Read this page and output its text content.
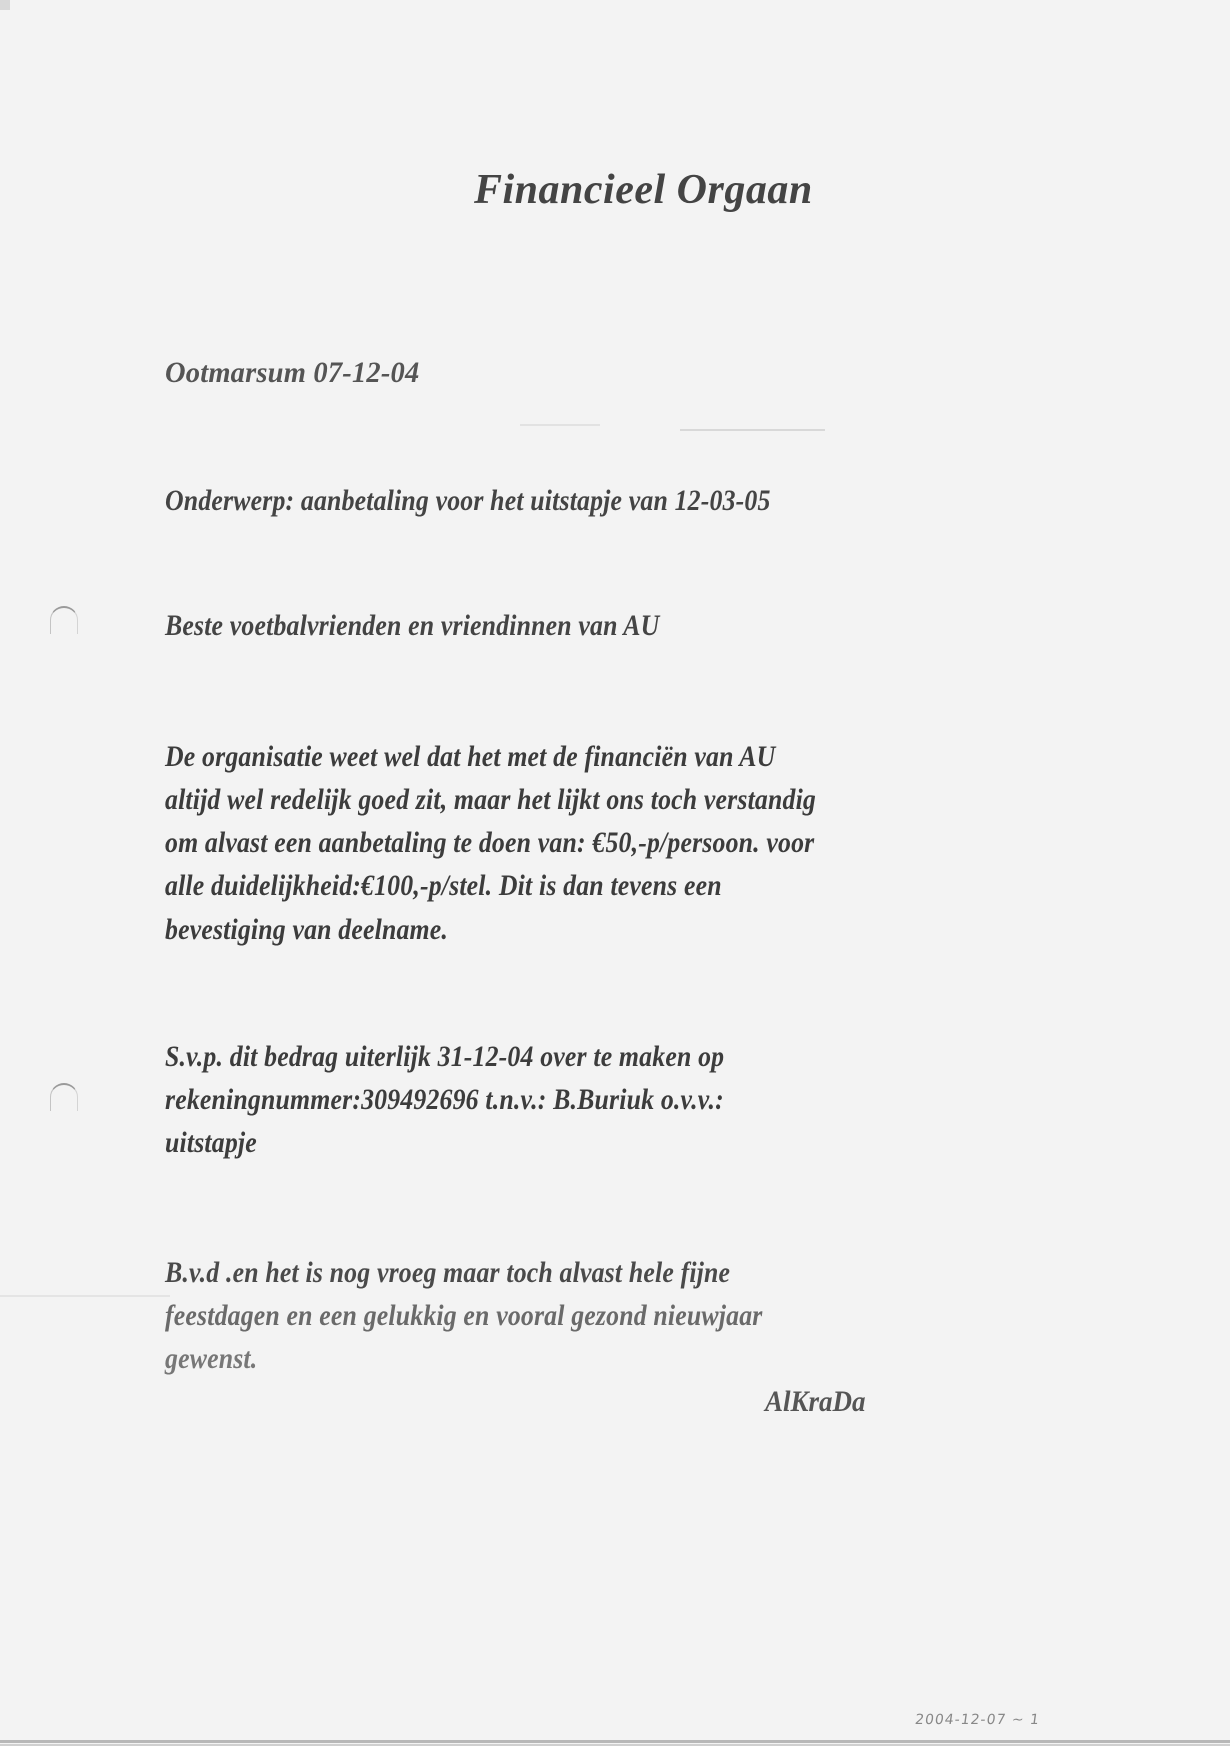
Financieel Orgaan
Ootmarsum 07-12-04
Onderwerp: aanbetaling voor het uitstapje van 12-03-05
Beste voetbalvrienden en vriendinnen van AU
De organisatie weet wel dat het met de financiën van AU
altijd wel redelijk goed zit, maar het lijkt ons toch verstandig
om alvast een aanbetaling te doen van: €50,-p/persoon. voor
alle duidelijkheid:€100,-p/stel. Dit is dan tevens een
bevestiging van deelname.
S.v.p. dit bedrag uiterlijk 31-12-04 over te maken op
rekeningnummer:309492696 t.n.v.: B.Buriuk o.v.v.:
uitstapje
B.v.d .en het is nog vroeg maar toch alvast hele fijne
feestdagen en een gelukkig en vooral gezond nieuwjaar
gewenst.
AlKraDa
2004-12-07 ~ 1
